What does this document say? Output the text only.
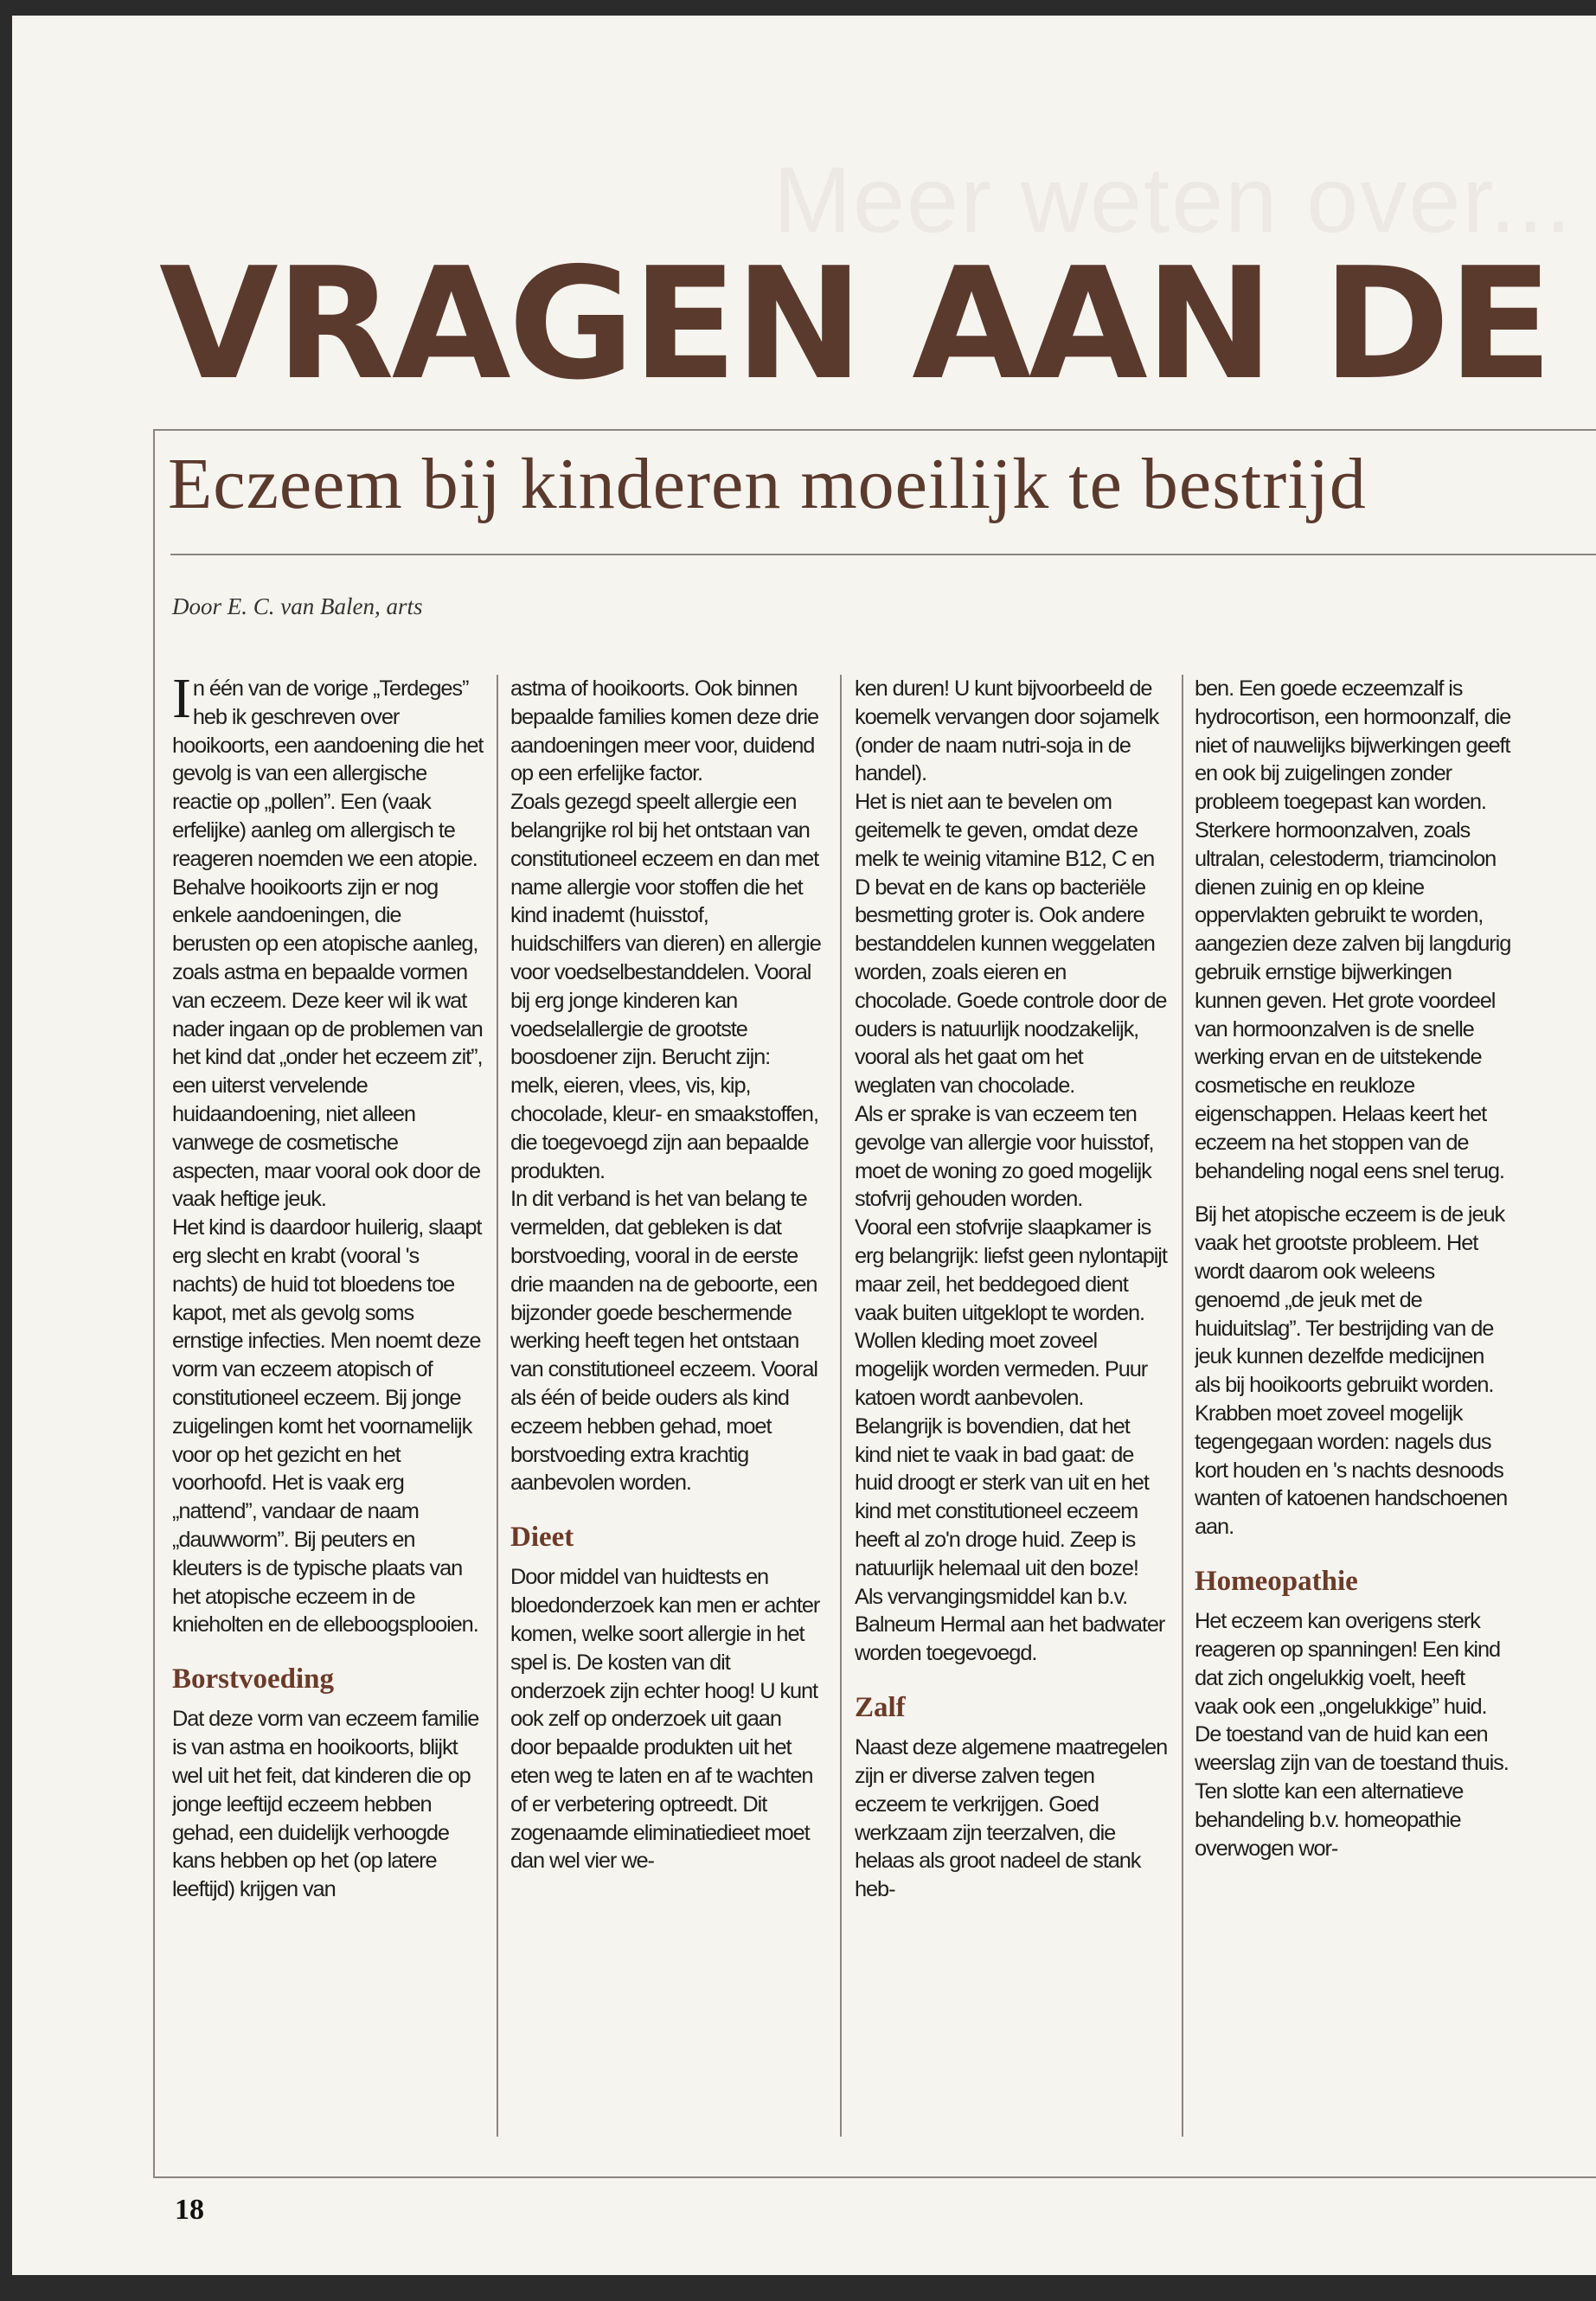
Meer weten over...
VRAGEN AAN DE
Eczeem bij kinderen moeilijk te bestrijd
Door E. C. van Balen, arts

In één van de vorige „Terdeges” heb ik geschreven over hooikoorts, een aandoening die het gevolg is van een allergische reactie op „pollen”. Een (vaak erfelijke) aanleg om allergisch te reageren noemden we een atopie. Behalve hooikoorts zijn er nog enkele aandoeningen, die berusten op een atopische aanleg, zoals astma en bepaalde vormen van eczeem. Deze keer wil ik wat nader ingaan op de problemen van het kind dat „onder het eczeem zit”, een uiterst vervelende huidaandoening, niet alleen vanwege de cosmetische aspecten, maar vooral ook door de vaak heftige jeuk.

Het kind is daardoor huilerig, slaapt erg slecht en krabt (vooral 's nachts) de huid tot bloedens toe kapot, met als gevolg soms ernstige infecties. Men noemt deze vorm van eczeem atopisch of constitutioneel eczeem. Bij jonge zuigelingen komt het voornamelijk voor op het gezicht en het voorhoofd. Het is vaak erg „nattend”, vandaar de naam „dauwworm”. Bij peuters en kleuters is de typische plaats van het atopische eczeem in de knieholten en de elleboogsplooien.

Borstvoeding

Dat deze vorm van eczeem familie is van astma en hooikoorts, blijkt wel uit het feit, dat kinderen die op jonge leeftijd eczeem hebben gehad, een duidelijk verhoogde kans hebben op het (op latere leeftijd) krijgen van

astma of hooikoorts. Ook binnen bepaalde families komen deze drie aandoeningen meer voor, duidend op een erfelijke factor.

Zoals gezegd speelt allergie een belangrijke rol bij het ontstaan van constitutioneel eczeem en dan met name allergie voor stoffen die het kind inademt (huisstof, huidschilfers van dieren) en allergie voor voedselbestanddelen. Vooral bij erg jonge kinderen kan voedselallergie de grootste boosdoener zijn. Berucht zijn: melk, eieren, vlees, vis, kip, chocolade, kleur- en smaakstoffen, die toegevoegd zijn aan bepaalde produkten.

In dit verband is het van belang te vermelden, dat gebleken is dat borstvoeding, vooral in de eerste drie maanden na de geboorte, een bijzonder goede beschermende werking heeft tegen het ontstaan van constitutioneel eczeem. Vooral als één of beide ouders als kind eczeem hebben gehad, moet borstvoeding extra krachtig aanbevolen worden.

Dieet

Door middel van huidtests en bloedonderzoek kan men er achter komen, welke soort allergie in het spel is. De kosten van dit onderzoek zijn echter hoog! U kunt ook zelf op onderzoek uit gaan door bepaalde produkten uit het eten weg te laten en af te wachten of er verbetering optreedt. Dit zogenaamde eliminatiedieet moet dan wel vier we-

ken duren! U kunt bijvoorbeeld de koemelk vervangen door sojamelk (onder de naam nutri-soja in de handel).

Het is niet aan te bevelen om geitemelk te geven, omdat deze melk te weinig vitamine B12, C en D bevat en de kans op bacteriële besmetting groter is. Ook andere bestanddelen kunnen weggelaten worden, zoals eieren en chocolade. Goede controle door de ouders is natuurlijk noodzakelijk, vooral als het gaat om het weglaten van chocolade.

Als er sprake is van eczeem ten gevolge van allergie voor huisstof, moet de woning zo goed mogelijk stofvrij gehouden worden.

Vooral een stofvrije slaapkamer is erg belangrijk: liefst geen nylontapijt maar zeil, het beddegoed dient vaak buiten uitgeklopt te worden. Wollen kleding moet zoveel mogelijk worden vermeden. Puur katoen wordt aanbevolen.

Belangrijk is bovendien, dat het kind niet te vaak in bad gaat: de huid droogt er sterk van uit en het kind met constitutioneel eczeem heeft al zo'n droge huid. Zeep is natuurlijk helemaal uit den boze! Als vervangingsmiddel kan b.v. Balneum Hermal aan het badwater worden toegevoegd.

Zalf

Naast deze algemene maatregelen zijn er diverse zalven tegen eczeem te verkrijgen. Goed werkzaam zijn teerzalven, die helaas als groot nadeel de stank heb-

ben. Een goede eczeemzalf is hydrocortison, een hormoonzalf, die niet of nauwelijks bijwerkingen geeft en ook bij zuigelingen zonder probleem toegepast kan worden. Sterkere hormoonzalven, zoals ultralan, celestoderm, triamcinolon dienen zuinig en op kleine oppervlakten gebruikt te worden, aangezien deze zalven bij langdurig gebruik ernstige bijwerkingen kunnen geven. Het grote voordeel van hormoonzalven is de snelle werking ervan en de uitstekende cosmetische en reukloze eigenschappen. Helaas keert het eczeem na het stoppen van de behandeling nogal eens snel terug.

Bij het atopische eczeem is de jeuk vaak het grootste probleem. Het wordt daarom ook weleens genoemd „de jeuk met de huiduitslag”. Ter bestrijding van de jeuk kunnen dezelfde medicijnen als bij hooikoorts gebruikt worden. Krabben moet zoveel mogelijk tegengegaan worden: nagels dus kort houden en 's nachts desnoods wanten of katoenen handschoenen aan.

Homeopathie

Het eczeem kan overigens sterk reageren op spanningen! Een kind dat zich ongelukkig voelt, heeft vaak ook een „ongelukkige” huid. De toestand van de huid kan een weerslag zijn van de toestand thuis.

Ten slotte kan een alternatieve behandeling b.v. homeopathie overwogen wor-

18
